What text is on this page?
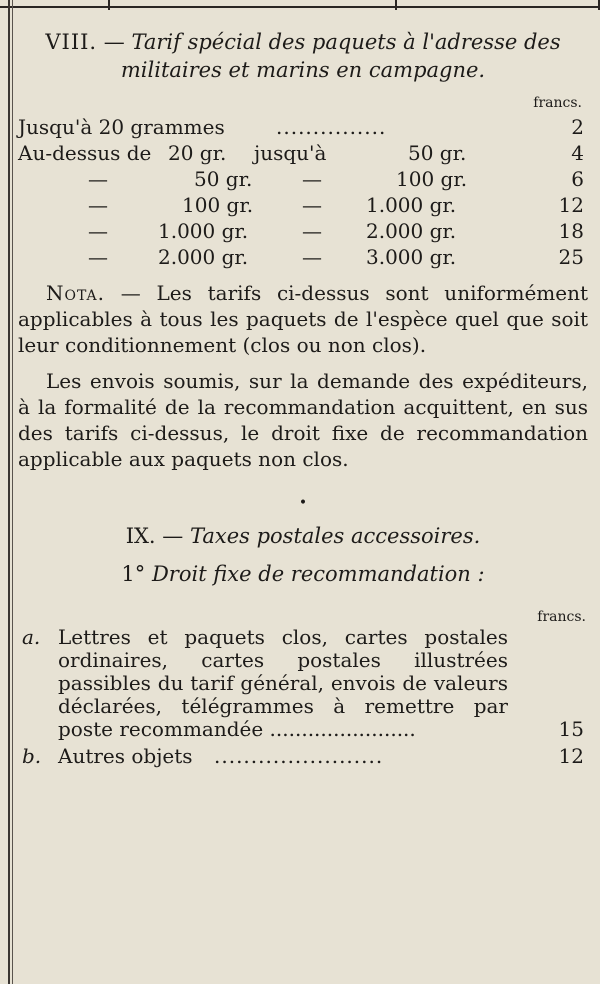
VIII. — Tarif spécial des paquets à l'adresse des
militaires et marins en campagne.
francs.
Jusqu'à 20 grammes	...............	2
Au-dessus de 20 gr. jusqu'à	50 gr.	4
—	50 gr. —	100 gr.	6
—	100 gr. — 1.000 gr.	12
—	1.000 gr.	— 2.000 gr.	18
—	2.000 gr.	— 3.000 gr.	25

Nota. — Les tarifs ci-dessus sont uniformément applicables à tous les paquets de l'espèce quel que soit leur conditionnement (clos ou non clos).

Les envois soumis, sur la demande des expéditeurs, à la formalité de la recommandation acquittent, en sus des tarifs ci-dessus, le droit fixe de recommandation applicable aux paquets non clos.

•
IX. — Taxes postales accessoires.
1° Droit fixe de recommandation :
francs.
a. Lettres et paquets clos, cartes postales ordinaires, cartes postales illustrées passibles du tarif général, envois de valeurs déclarées, télégrammes à remettre par poste recommandée .......................	15
b. Autres objets .......................	12
